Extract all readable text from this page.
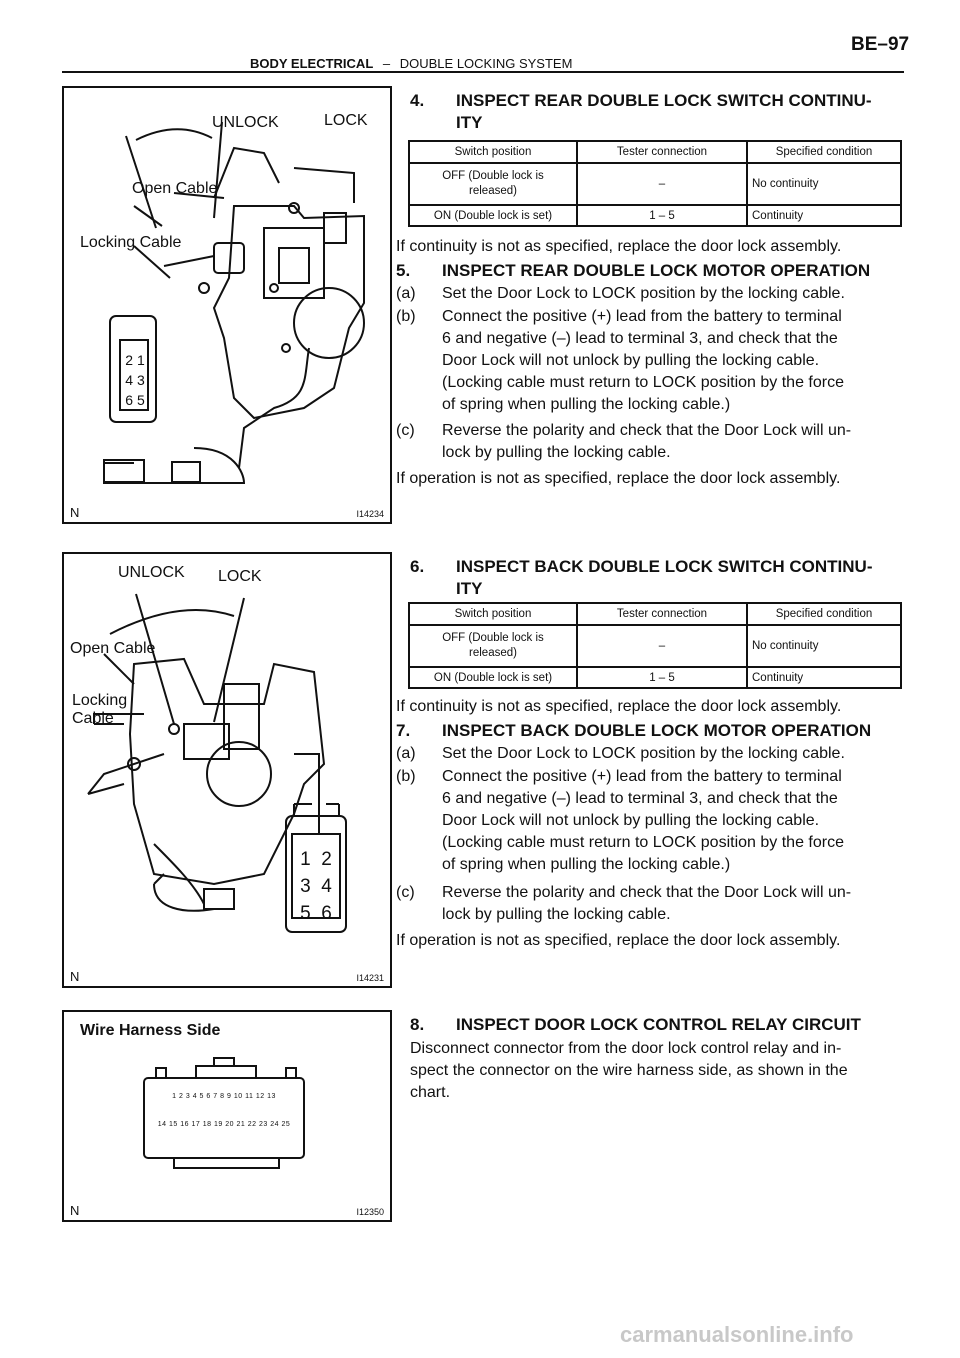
BE–97
BODY ELECTRICAL – DOUBLE LOCKING SYSTEM
UNLOCK	LOCK
Open Cable
Locking Cable
2 1
4 3
6 5
N	I14234
UNLOCK LOCK
Open Cable
Locking
Cable
1 2
3 4
5 6
N	I14231
Wire Harness Side
1 2 3 4 5 6 7 8 9 10 11 12 13
14 15 16 17 18 19 20 21 22 23 24 25
N	I12350
4. INSPECT REAR DOUBLE LOCK SWITCH CONTINU-
ITY
Switch position	Tester connection	Specified condition

OFF (Double lock is
released)	–	No continuity
ON (Double lock is set)	1 – 5	Continuity
If continuity is not as specified, replace the door lock assembly.
5. INSPECT REAR DOUBLE LOCK MOTOR OPERATION
(a) Set the Door Lock to LOCK position by the locking cable.
(b) Connect the positive (+) lead from the battery to terminal
6 and negative (–) lead to terminal 3, and check that the
Door Lock will not unlock by pulling the locking cable.
(Locking cable must return to LOCK position by the force
of spring when pulling the locking cable.)
(c) Reverse the polarity and check that the Door Lock will un-
lock by pulling the locking cable.
If operation is not as specified, replace the door lock assembly.
6. INSPECT BACK DOUBLE LOCK SWITCH CONTINU-
ITY
Switch position	Tester connection	Specified condition

OFF (Double lock is
released)	–	No continuity
ON (Double lock is set)	1 – 5	Continuity
If continuity is not as specified, replace the door lock assembly.
7. INSPECT BACK DOUBLE LOCK MOTOR OPERATION
(a) Set the Door Lock to LOCK position by the locking cable.
(b) Connect the positive (+) lead from the battery to terminal
6 and negative (–) lead to terminal 3, and check that the
Door Lock will not unlock by pulling the locking cable.
(Locking cable must return to LOCK position by the force
of spring when pulling the locking cable.)
(c) Reverse the polarity and check that the Door Lock will un-
lock by pulling the locking cable.
If operation is not as specified, replace the door lock assembly.
8. INSPECT DOOR LOCK CONTROL RELAY CIRCUIT
Disconnect connector from the door lock control relay and in-
spect the connector on the wire harness side, as shown in the
chart.
carmanualsonline.info
